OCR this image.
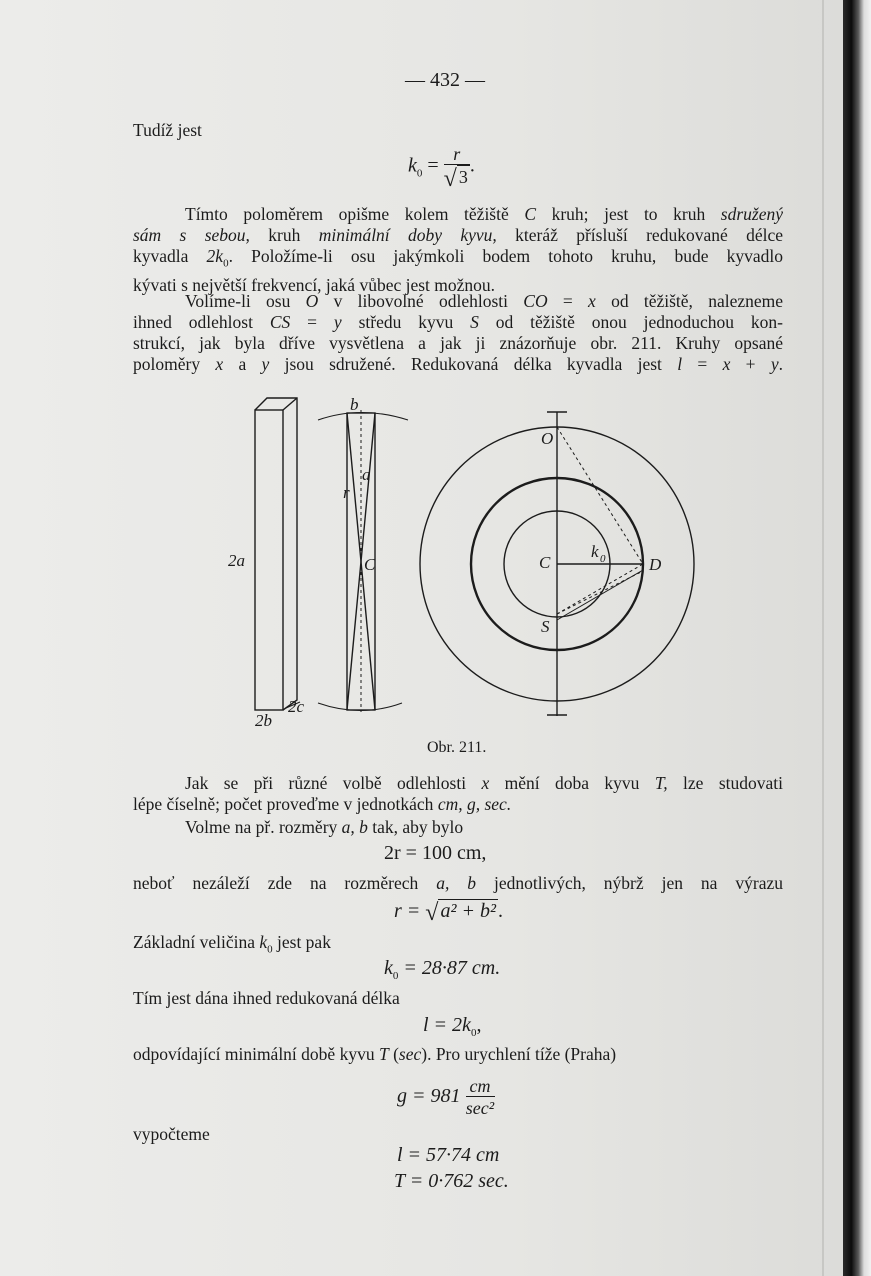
— 432 —
Tudíž jest
$k_0 = \frac{r}{√ 3}$ .
Tímto poloměrem opišme kolem těžiště C kruh; jest to kruh sdružený
sám s sebou, kruh minimální doby kyvu, kteráž přísluší redukované délce
kyvadla $2k_0$. Položíme-li osu jakýmkoli bodem tohoto kruhu, bude kyvadlo
kývati s největší frekvencí, jaká vůbec jest možnou.
Volíme-li osu O v libovolné odlehlosti CO = x od těžiště, nalezneme
ihned odlehlost CS = y středu kyvu S od těžiště onou jednoduchou kon-
strukcí, jak byla dříve vysvětlena a jak ji znázorňuje obr. 211. Kruhy opsané
poloměry x a y jsou sdružené. Redukovaná délka kyvadla jest l = x + y.
b
a
r
C
2a
2b
2c
O
C
k 0	D
S
Obr. 211.
Jak se při různé volbě odlehlosti x mění doba kyvu T, lze studovati
lépe číselně; počet proveďme v jednotkách cm, g, sec.
Volme na př. rozměry a, b tak, aby bylo
2r = 100 cm,
neboť nezáleží zde na rozměrech a, b jednotlivých, nýbrž jen na výrazu
r = √ a² + b² .
Základní veličina $k_0$ jest pak
$k_0 = 28\cdot 87$ cm.
Tím jest dána ihned redukovaná délka
$l = 2k_0$,
odpovídající minimální době kyvu T (sec). Pro urychlení tíže (Praha)
$g = 981 \frac{cm}{\text{sec²}}$
vypočteme
l = 57·74 cm
T = 0·762 sec.
